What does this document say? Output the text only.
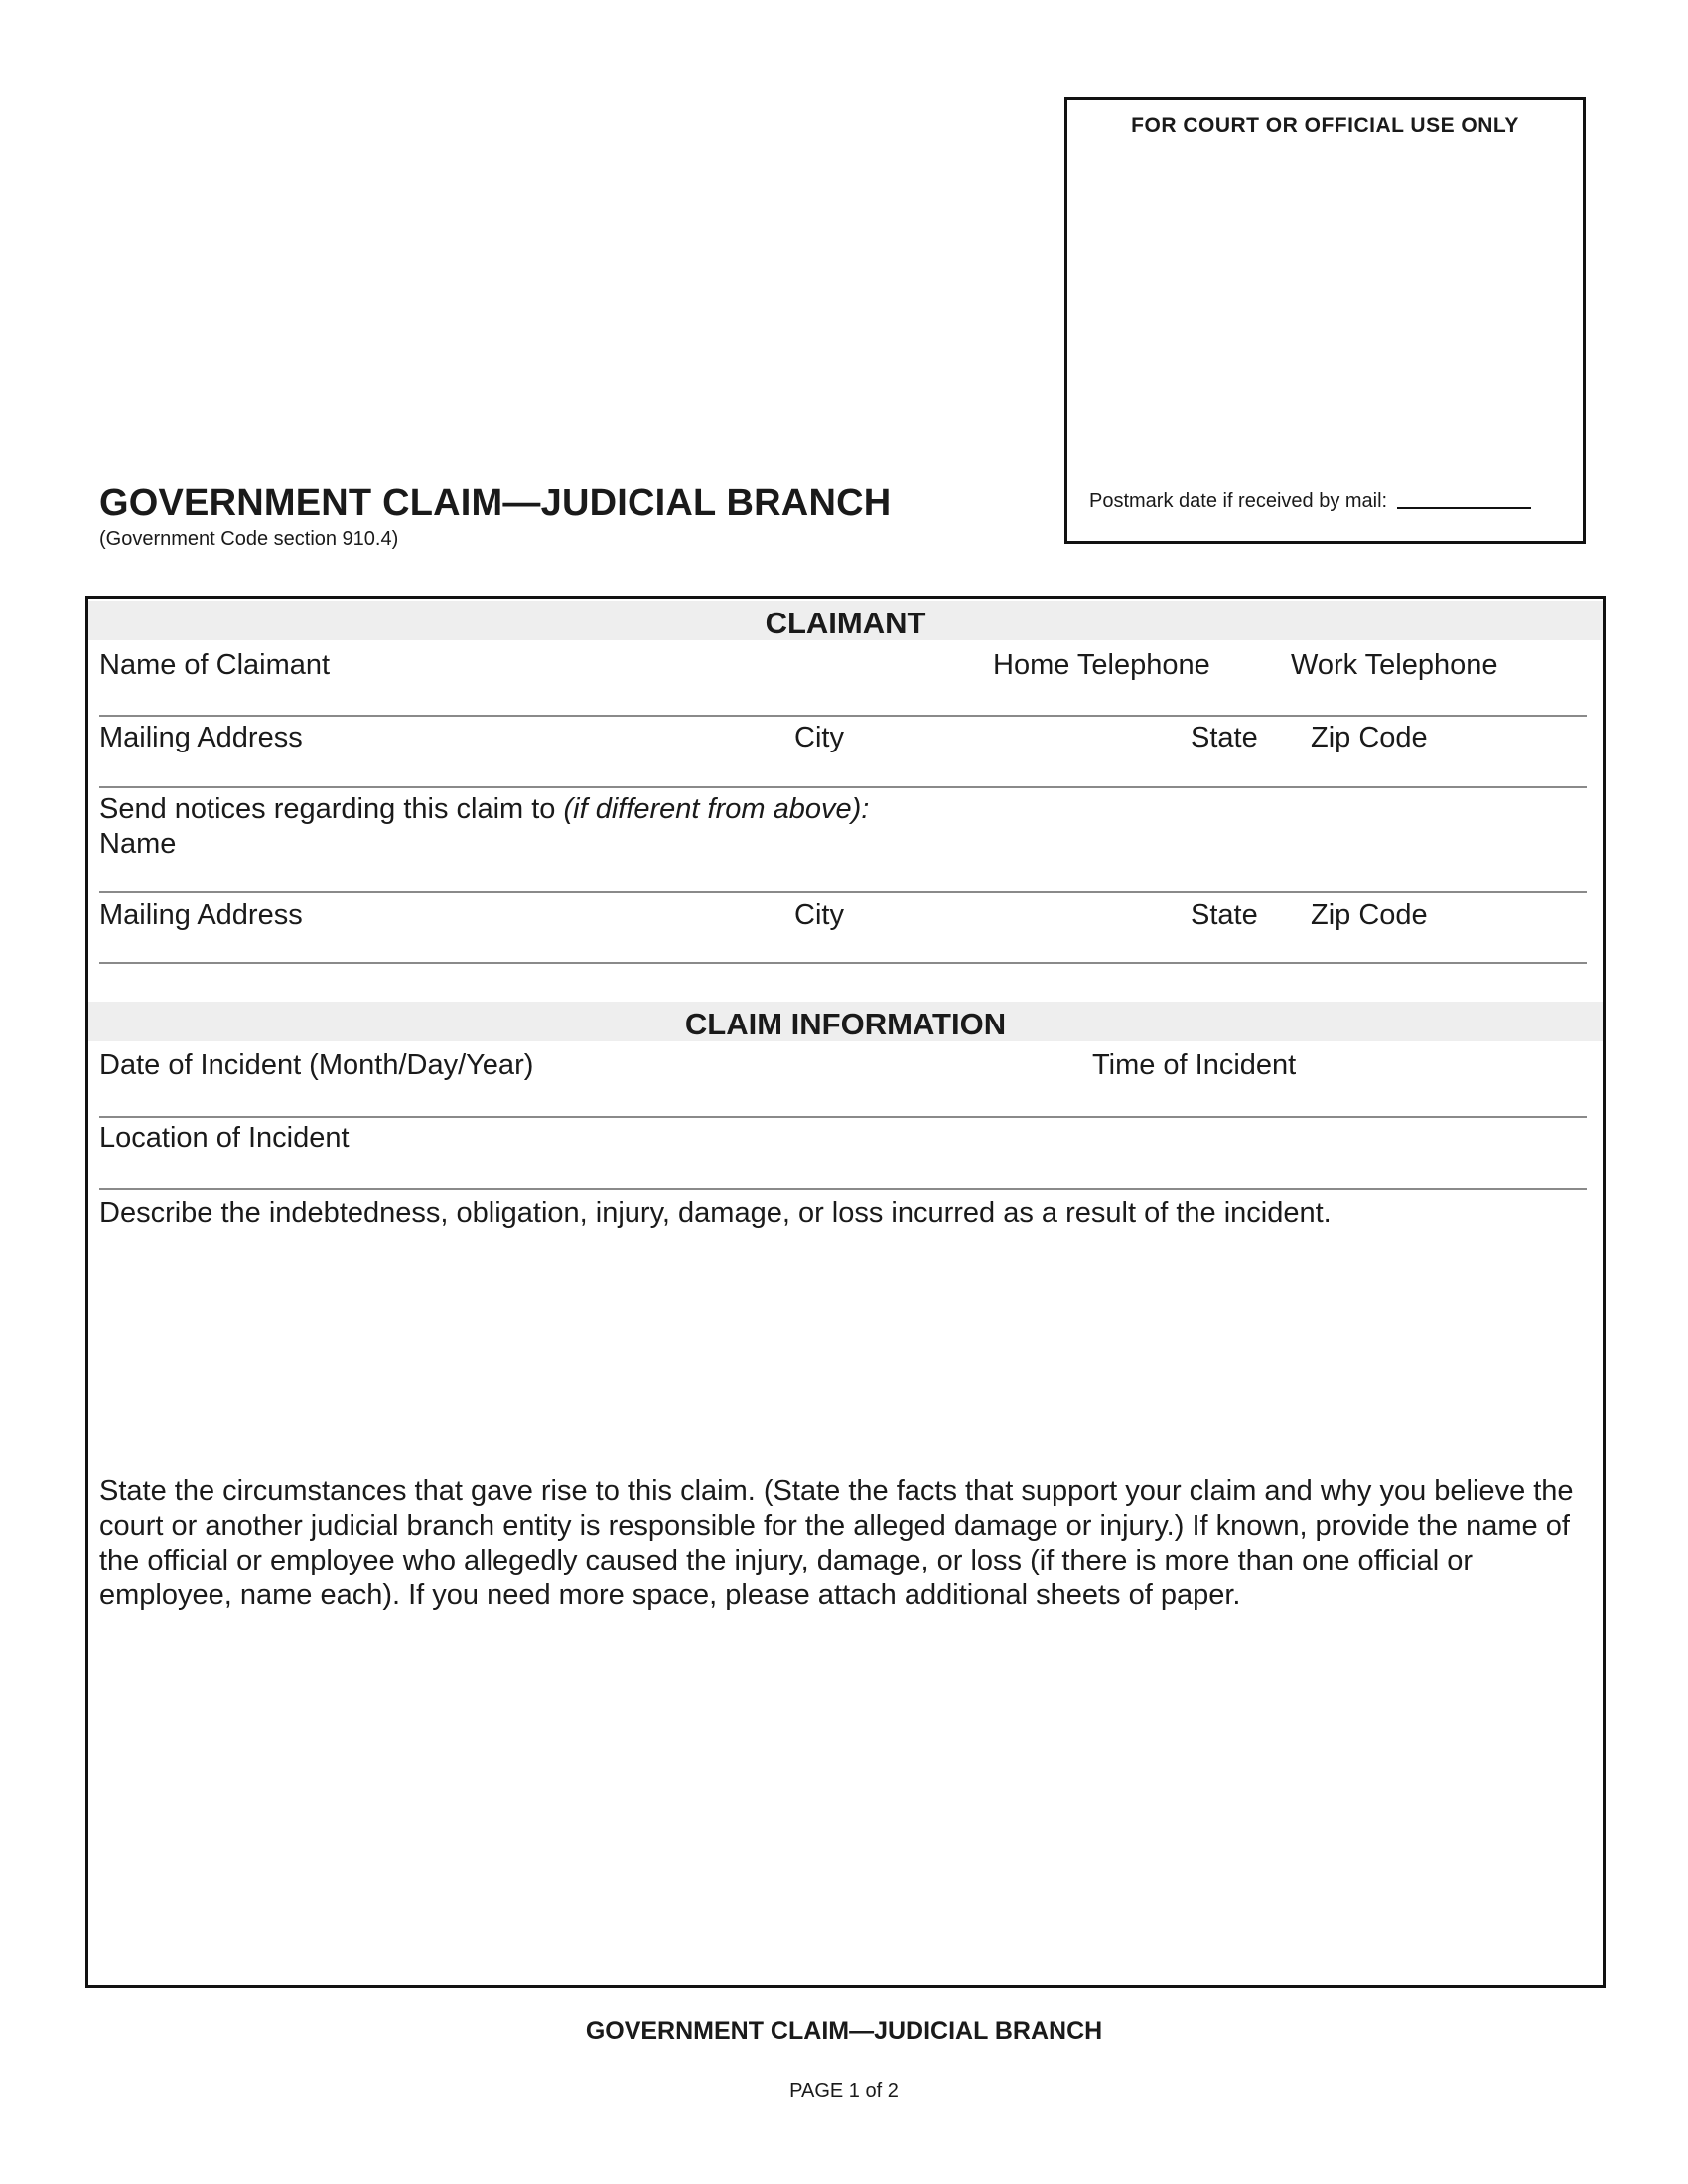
FOR COURT OR OFFICIAL USE ONLY
Postmark date if received by mail:
GOVERNMENT CLAIM—JUDICIAL BRANCH
(Government Code section 910.4)
CLAIMANT
Name of Claimant	Home Telephone	Work Telephone
Mailing Address	City	State Zip Code
Send notices regarding this claim to (if different from above):
Name
Mailing Address	City	State Zip Code
CLAIM INFORMATION
Date of Incident (Month/Day/Year)	Time of Incident
Location of Incident
Describe the indebtedness, obligation, injury, damage, or loss incurred as a result of the incident.
State the circumstances that gave rise to this claim. (State the facts that support your claim and why you believe the court or another judicial branch entity is responsible for the alleged damage or injury.) If known, provide the name of the official or employee who allegedly caused the injury, damage, or loss (if there is more than one official or employee, name each). If you need more space, please attach additional sheets of paper.
GOVERNMENT CLAIM—JUDICIAL BRANCH
PAGE 1 of 2
